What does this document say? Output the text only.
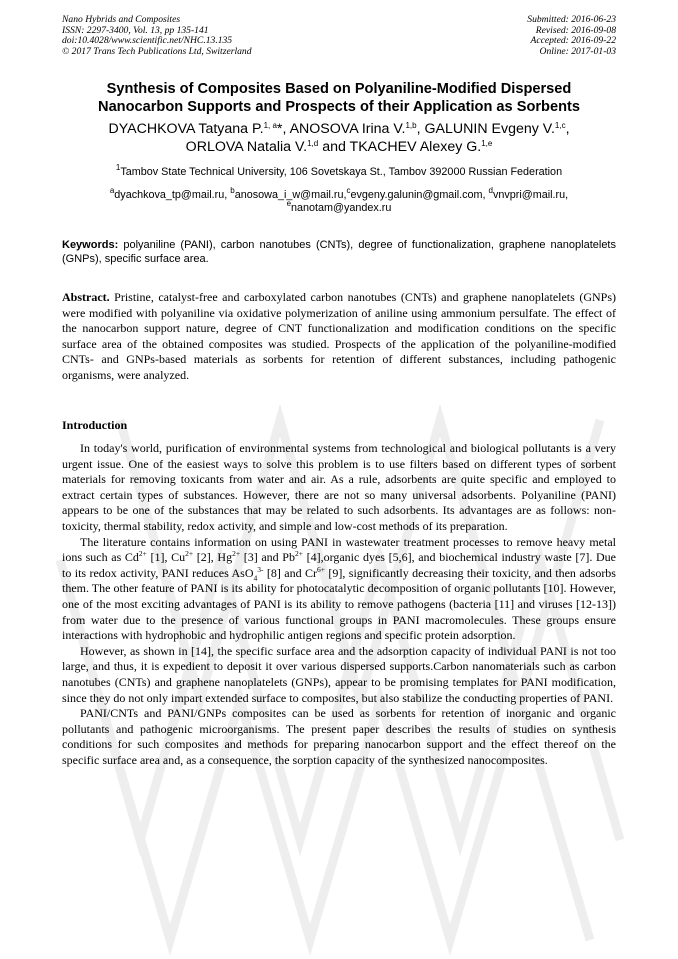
Nano Hybrids and Composites
ISSN: 2297-3400, Vol. 13, pp 135-141
doi:10.4028/www.scientific.net/NHC.13.135
© 2017 Trans Tech Publications Ltd, Switzerland
Submitted: 2016-06-23
Revised: 2016-09-08
Accepted: 2016-09-22
Online: 2017-01-03
Synthesis of Composites Based on Polyaniline-Modified Dispersed
Nanocarbon Supports and Prospects of their Application as Sorbents
DYACHKOVA Tatyana P.$^{1, a}$*, ANOSOVA Irina V.$^{1,b}$, GALUNIN Evgeny V.$^{1,c}$,
ORLOVA Natalia V.$^{1,d}$ and TKACHEV Alexey G.$^{1,e}$
$^1$Tambov State Technical University, 106 Sovetskaya St., Tambov 392000 Russian Federation
$^a$dyachkova_tp@mail.ru, $^b$anosowa_i_w@mail.ru,$^c$evgeny.galunin@gmail.com, $^d$vnvpri@mail.ru,
$^e$nanotam@yandex.ru
Keywords: polyaniline (PANI), carbon nanotubes (CNTs), degree of functionalization, graphene nanoplatelets (GNPs), specific surface area.
Abstract. Pristine, catalyst-free and carboxylated carbon nanotubes (CNTs) and graphene nanoplatelets (GNPs) were modified with polyaniline via oxidative polymerization of aniline using ammonium persulfate. The effect of the nanocarbon support nature, degree of CNT functionalization and modification conditions on the specific surface area of the obtained composites was studied. Prospects of the application of the polyaniline-modified CNTs- and GNPs-based materials as sorbents for retention of different substances, including pathogenic organisms, were analyzed.
Introduction

In today's world, purification of environmental systems from technological and biological pollutants is a very urgent issue. One of the easiest ways to solve this problem is to use filters based on different types of sorbent materials for removing toxicants from water and air. As a rule, adsorbents are quite specific and employed to extract certain types of substances. However, there are not so many universal adsorbents. Polyaniline (PANI) appears to be one of the substances that may be related to such adsorbents. Its advantages are as follows: non-toxicity, thermal stability, redox activity, and simple and low-cost methods of its preparation.

The literature contains information on using PANI in wastewater treatment processes to remove heavy metal ions such as $Cd^{2+}$ [1], $Cu^{2+}$ [2], $Hg^{2+}$ [3] and $Pb^{2+}$ [4],organic dyes [5,6], and biochemical industry waste [7]. Due to its redox activity, PANI reduces AsO$_4^{3-}$ [8] and $Cr^{6+}$ [9], significantly decreasing their toxicity, and then adsorbs them. The other feature of PANI is its ability for photocatalytic decomposition of organic pollutants [10]. However, one of the most exciting advantages of PANI is its ability to remove pathogens (bacteria [11] and viruses [12-13]) from water due to the presence of various functional groups in PANI macromolecules. These groups ensure interactions with hydrophobic and hydrophilic antigen regions and specific protein adsorption.

However, as shown in [14], the specific surface area and the adsorption capacity of individual PANI is not too large, and thus, it is expedient to deposit it over various dispersed supports.Carbon nanomaterials such as carbon nanotubes (CNTs) and graphene nanoplatelets (GNPs), appear to be promising templates for PANI modification, since they do not only impart extended surface to composites, but also stabilize the conducting properties of PANI.

PANI/CNTs and PANI/GNPs composites can be used as sorbents for retention of inorganic and organic pollutants and pathogenic microorganisms. The present paper describes the results of studies on synthesis conditions for such composites and methods for preparing nanocarbon support and the effect thereof on the specific surface area and, as a consequence, the sorption capacity of the synthesized nanocomposites.
